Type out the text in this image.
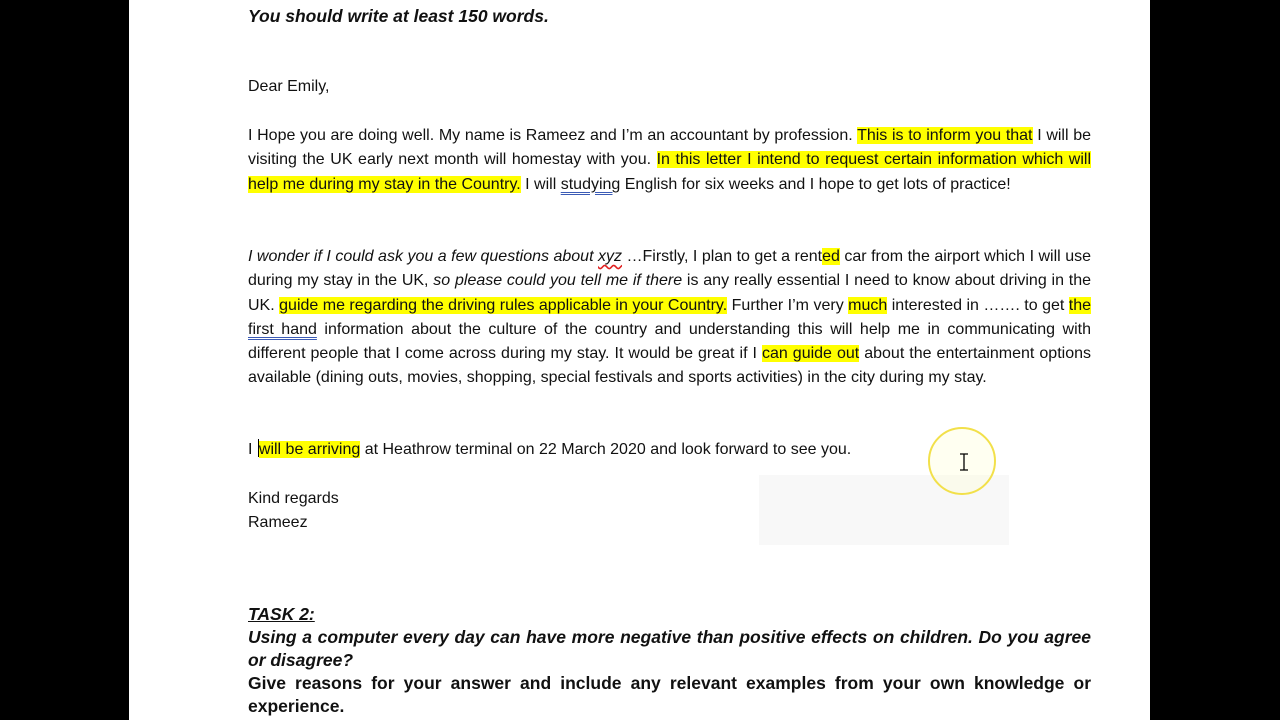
You should write at least 150 words.
Dear Emily,
I Hope you are doing well. My name is Rameez and I’m an accountant by profession. This is to inform you that I will be visiting the UK early next month will homestay with you. In this letter I intend to request certain information which will help me during my stay in the Country. I will studying English for six weeks and I hope to get lots of practice!
I wonder if I could ask you a few questions about xyz …Firstly, I plan to get a rented car from the airport which I will use during my stay in the UK, so please could you tell me if there is any really essential I need to know about driving in the UK. guide me regarding the driving rules applicable in your Country. Further I’m very much interested in ……. to get the first hand information about the culture of the country and understanding this will help me in communicating with different people that I come across during my stay. It would be great if I can guide out about the entertainment options available (dining outs, movies, shopping, special festivals and sports activities) in the city during my stay.
I will be arriving at Heathrow terminal on 22 March 2020 and look forward to see you.
Kind regards
Rameez
TASK 2:
Using a computer every day can have more negative than positive effects on children. Do you agree or disagree?
Give reasons for your answer and include any relevant examples from your own knowledge or experience.
